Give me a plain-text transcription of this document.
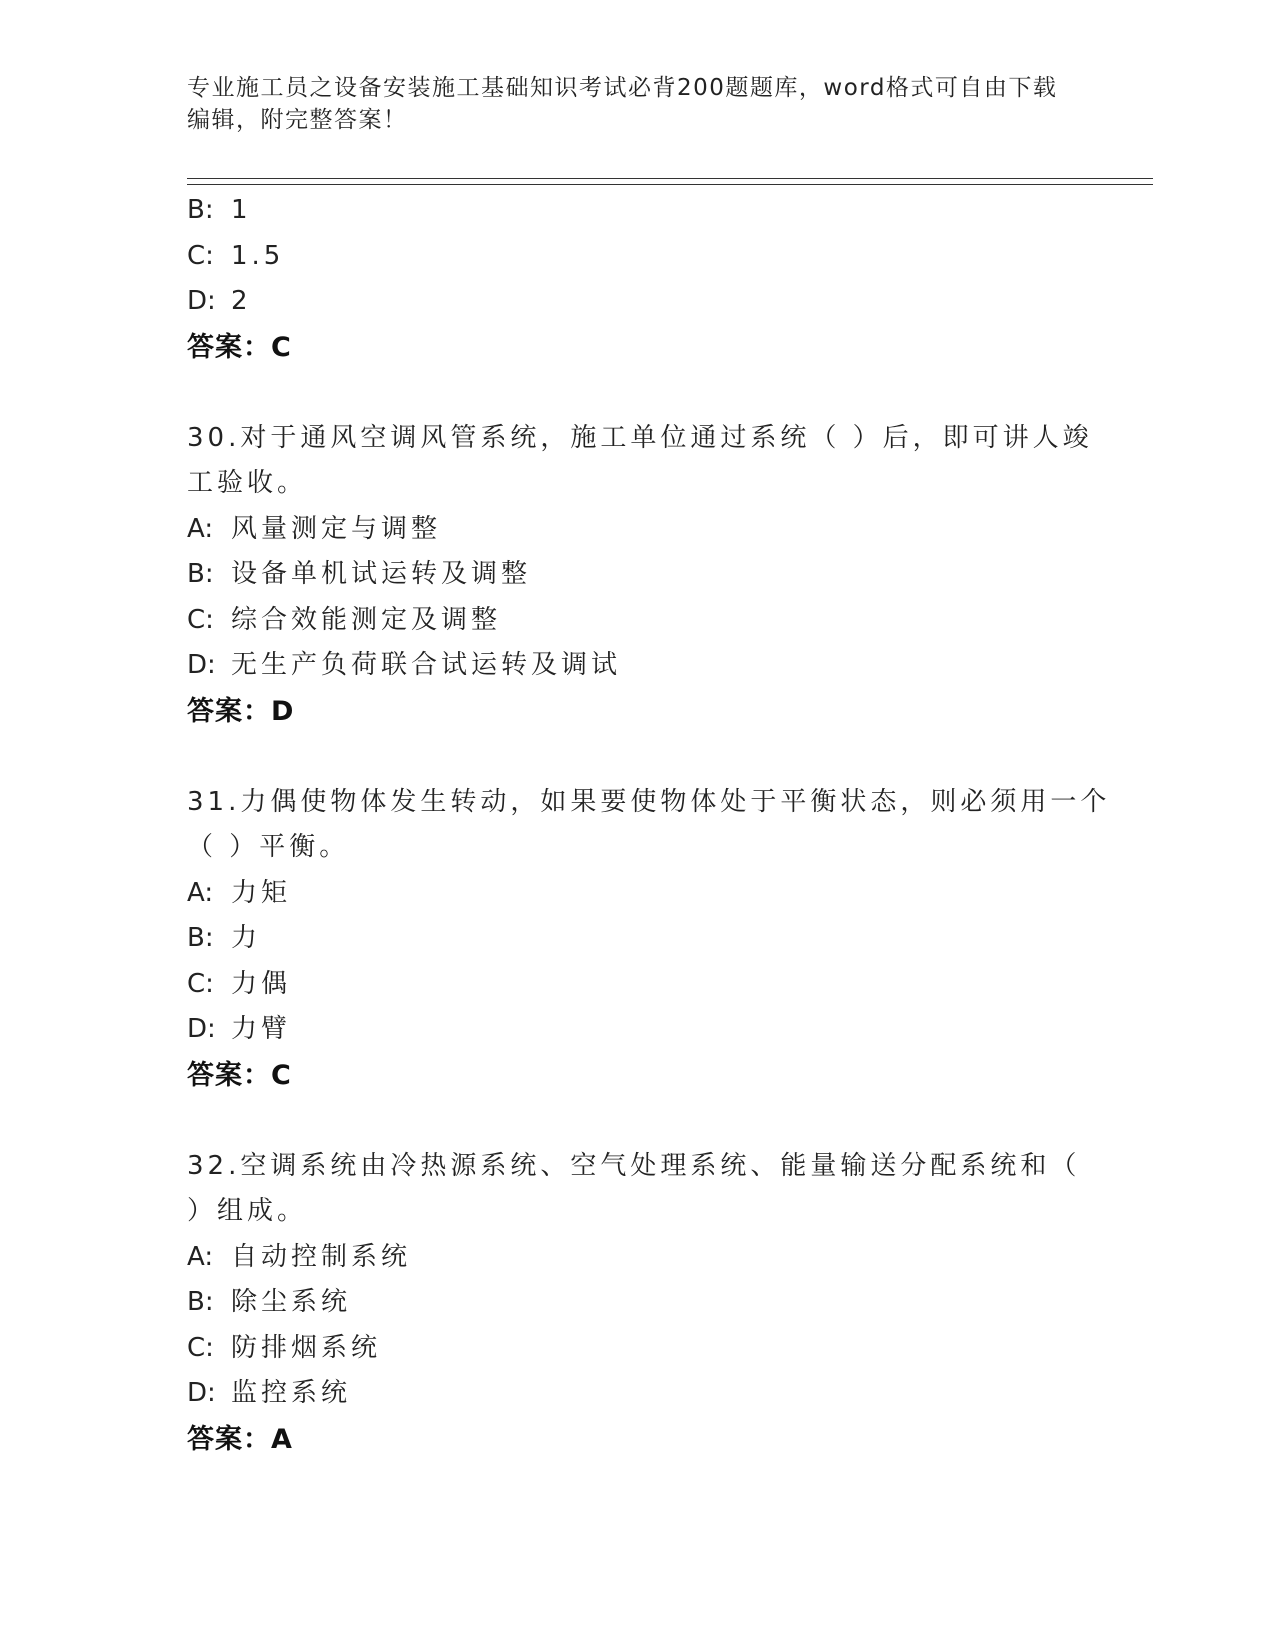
专业施工员之设备安装施工基础知识考试必背200题题库，word格式可自由下载
编辑，附完整答案！
B: 1
C: 1.5
D: 2
答案：C
30.对于通风空调风管系统，施工单位通过系统（ ）后，即可讲人竣
工验收。
A: 风量测定与调整
B: 设备单机试运转及调整
C: 综合效能测定及调整
D: 无生产负荷联合试运转及调试
答案：D
31.力偶使物体发生转动，如果要使物体处于平衡状态，则必须用一个
（ ）平衡。
A: 力矩
B: 力
C: 力偶
D: 力臂
答案：C
32.空调系统由冷热源系统、空气处理系统、能量输送分配系统和（
）组成。
A: 自动控制系统
B: 除尘系统
C: 防排烟系统
D: 监控系统
答案：A
